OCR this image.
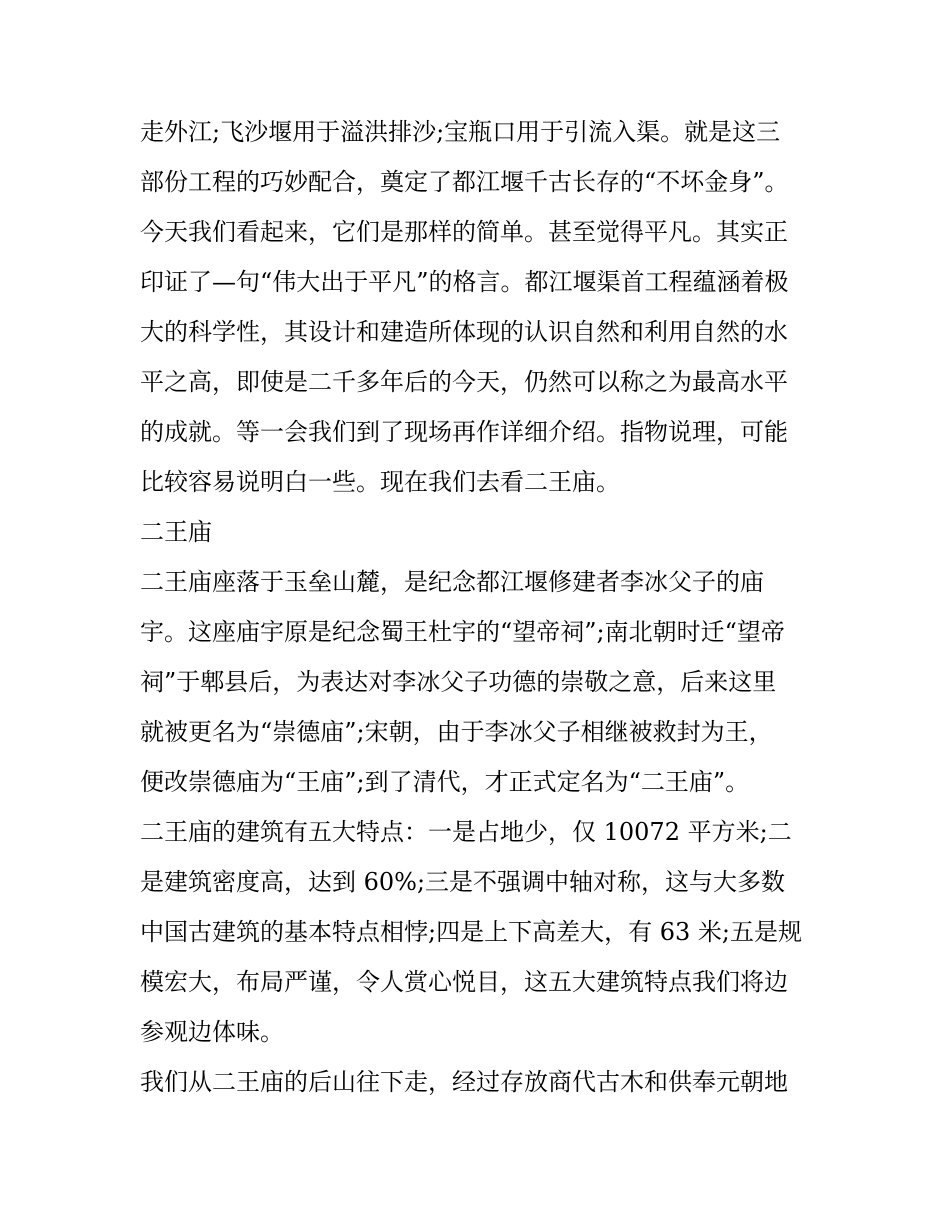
走外江;飞沙堰用于溢洪排沙;宝瓶口用于引流入渠。就是这三
部份工程的巧妙配合，奠定了都江堰千古长存的“不坏金身”。
今天我们看起来，它们是那样的简单。甚至觉得平凡。其实正
印证了—句“伟大出于平凡”的格言。都江堰渠首工程蕴涵着极
大的科学性，其设计和建造所体现的认识自然和利用自然的水
平之高，即使是二千多年后的今天，仍然可以称之为最高水平
的成就。等一会我们到了现场再作详细介绍。指物说理，可能
比较容易说明白一些。现在我们去看二王庙。
二王庙
二王庙座落于玉垒山麓，是纪念都江堰修建者李冰父子的庙
宇。这座庙宇原是纪念蜀王杜宇的“望帝祠”;南北朝时迁“望帝
祠”于郫县后，为表达对李冰父子功德的崇敬之意，后来这里
就被更名为“崇德庙”;宋朝，由于李冰父子相继被救封为王，
便改崇德庙为“王庙”;到了清代，才正式定名为“二王庙”。
二王庙的建筑有五大特点：一是占地少，仅 10072 平方米;二
是建筑密度高，达到 60%;三是不强调中轴对称，这与大多数
中国古建筑的基本特点相悖;四是上下高差大，有 63 米;五是规
模宏大，布局严谨，令人赏心悦目，这五大建筑特点我们将边
参观边体味。
我们从二王庙的后山往下走，经过存放商代古木和供奉元朝地
